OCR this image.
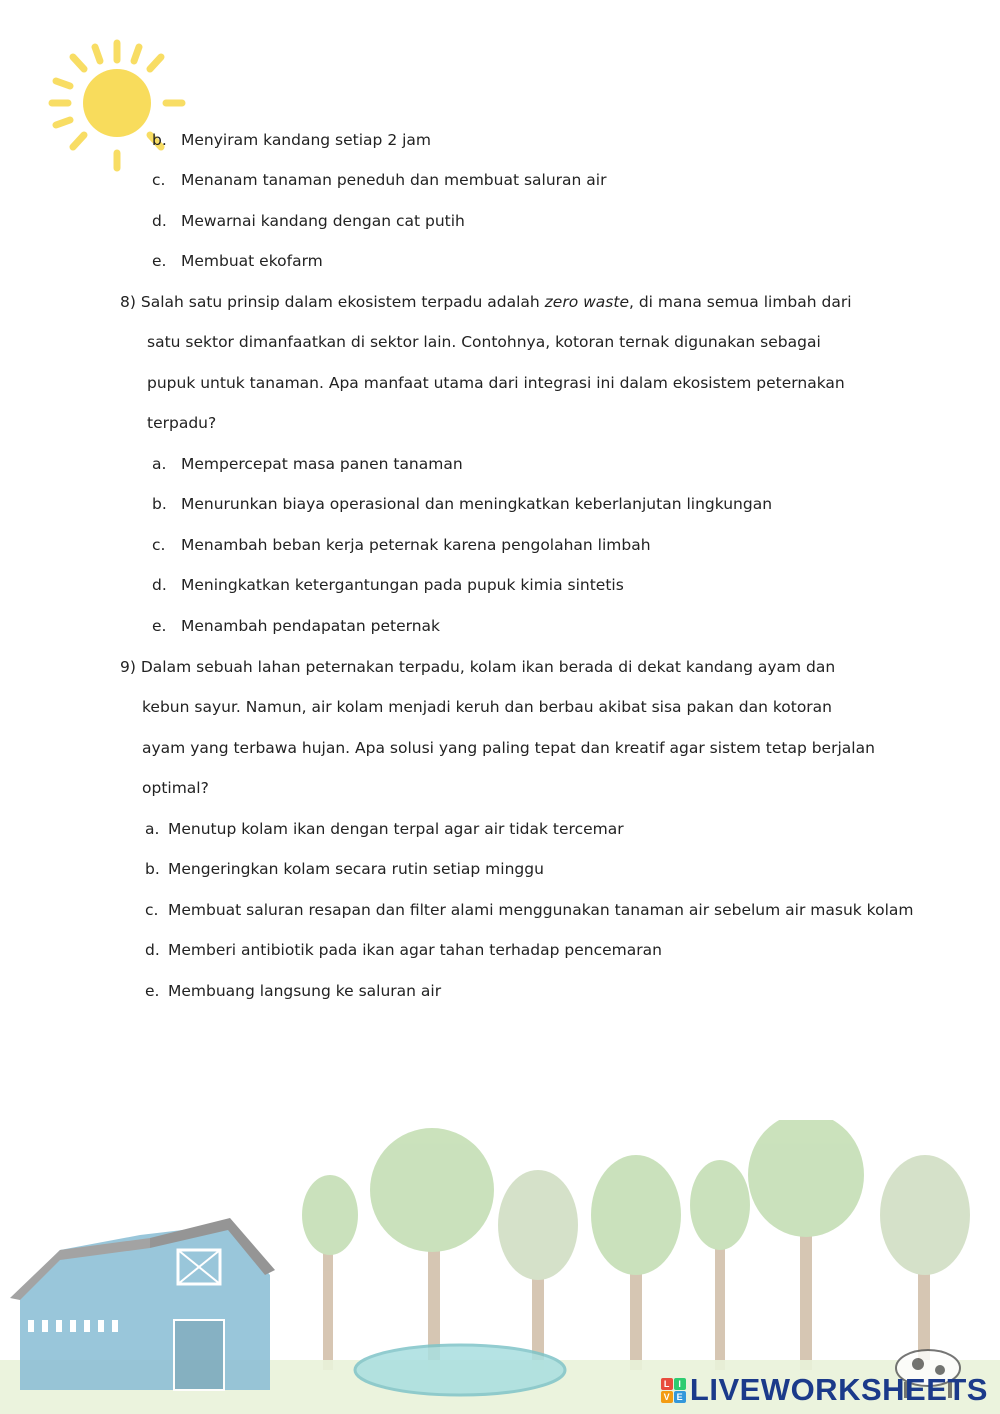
b. Menyiram kandang setiap 2 jam
c. Menanam tanaman peneduh dan membuat saluran air
d. Mewarnai kandang dengan cat putih
e. Membuat ekofarm
8) Salah satu prinsip dalam ekosistem terpadu adalah zero waste, di mana semua limbah dari
satu sektor dimanfaatkan di sektor lain. Contohnya, kotoran ternak digunakan sebagai
pupuk untuk tanaman. Apa manfaat utama dari integrasi ini dalam ekosistem peternakan
terpadu?
a. Mempercepat masa panen tanaman
b. Menurunkan biaya operasional dan meningkatkan keberlanjutan lingkungan
c. Menambah beban kerja peternak karena pengolahan limbah
d. Meningkatkan ketergantungan pada pupuk kimia sintetis
e. Menambah pendapatan peternak
9) Dalam sebuah lahan peternakan terpadu, kolam ikan berada di dekat kandang ayam dan
kebun sayur. Namun, air kolam menjadi keruh dan berbau akibat sisa pakan dan kotoran
ayam yang terbawa hujan. Apa solusi yang paling tepat dan kreatif agar sistem tetap berjalan
optimal?
a. Menutup kolam ikan dengan terpal agar air tidak tercemar
b. Mengeringkan kolam secara rutin setiap minggu
c. Membuat saluran resapan dan filter alami menggunakan tanaman air sebelum air masuk kolam
d. Memberi antibiotik pada ikan agar tahan terhadap pencemaran
e. Membuang langsung ke saluran air
L I
V E LIVEWORKSHEETS
